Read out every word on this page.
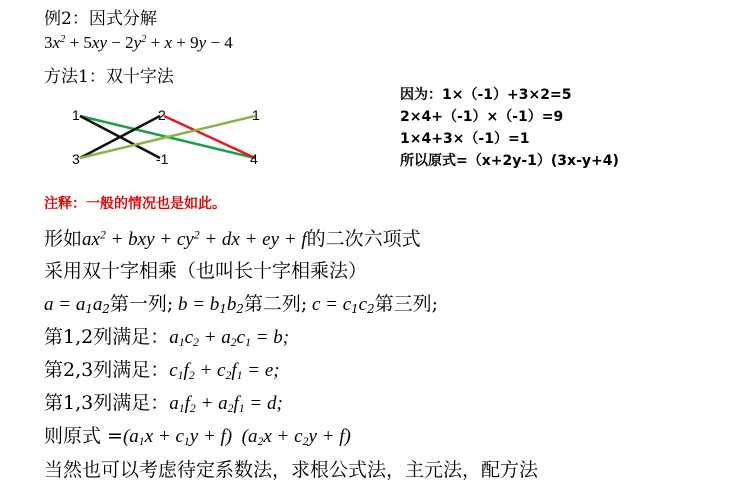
例2：因式分解
$3x^2 + 5xy - 2y^2 + x + 9y - 4$
方法1：双十字法
1
3
2
-1
1
4
因为：1×（-1）+3×2=5
2×4+（-1）×（-1）=9
1×4+3×（-1）=1
所以原式=（x+2y-1）(3x-y+4)
注释：一般的情况也是如此。
形如$ax^2$ + bxy + $cy^2$ + dx + ey + f的二次六项式
采用双十字相乘（也叫长十字相乘法）
$a = a_1a_2$第一列; $b = b_1b_2$第二列; $c = c_1c_2$第三列;
第1,2列满足：$a_1c_2 + a_2c_1 = b$;
第2,3列满足：$c_1f_2 + c_2f_1 = e$;
第1,3列满足：$a_1f_2 + a_2f_1 = d$;
则原式 $=(a_1x + c_1y + f) (a_2x + c_2y + f)$
当然也可以考虑待定系数法，求根公式法，主元法，配方法
